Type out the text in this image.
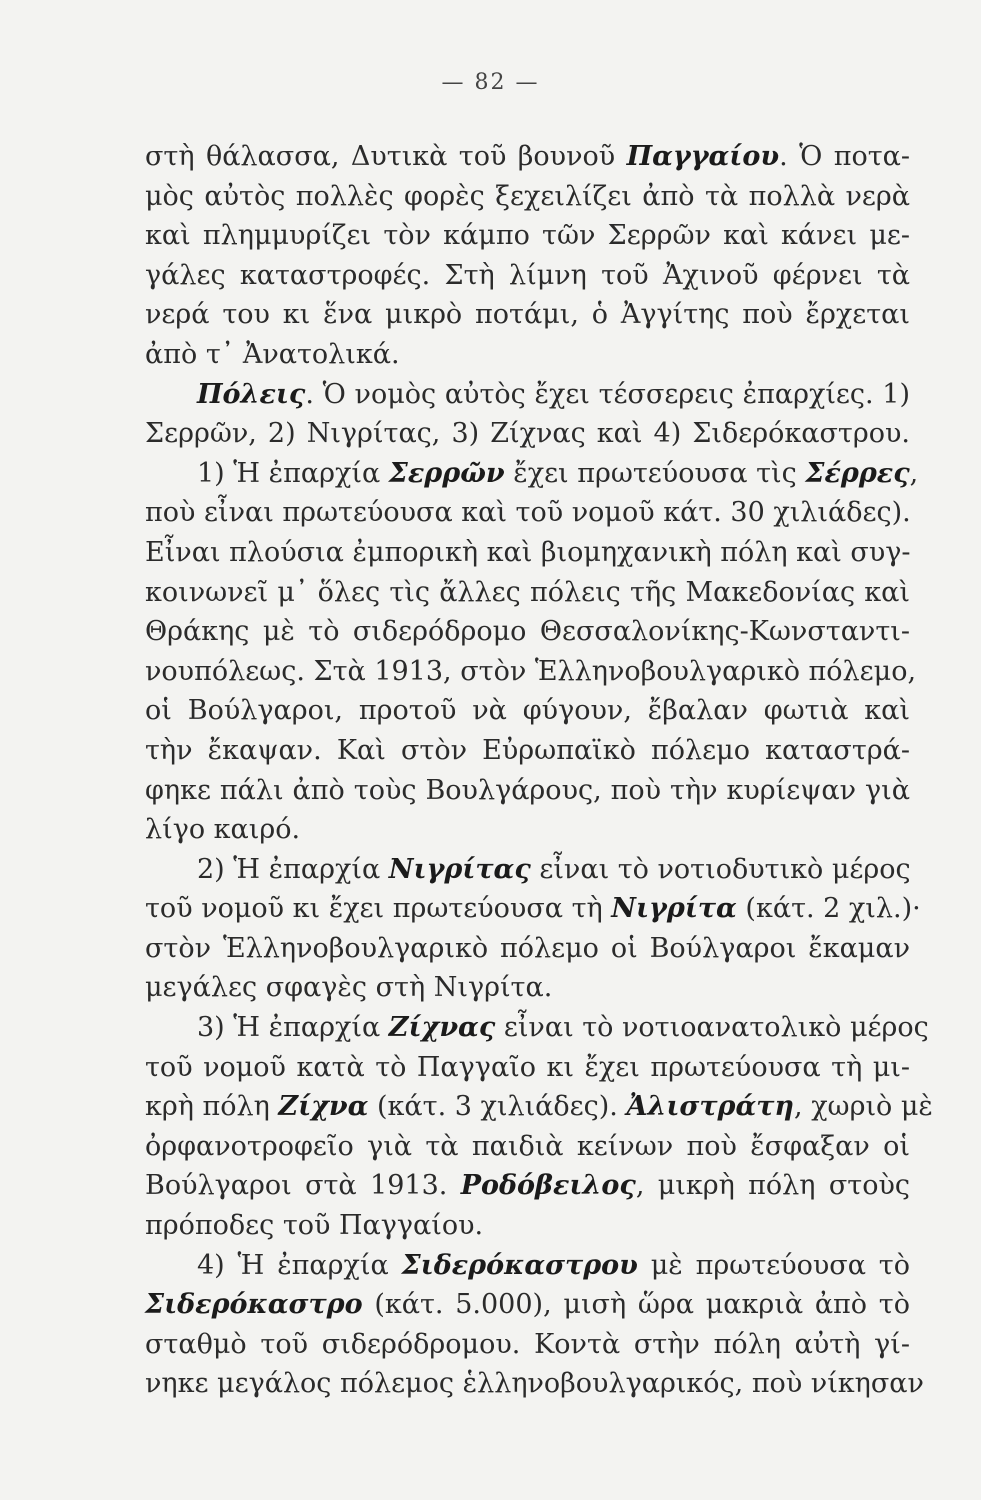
— 82 —
στὴ θάλασσα, Δυτικὰ τοῦ βουνοῦ Παγγαίου. Ὁ ποτα-
μὸς αὐτὸς πολλὲς φορὲς ξεχειλίζει ἀπὸ τὰ πολλὰ νερὰ
καὶ πλημμυρίζει τὸν κάμπο τῶν Σερρῶν καὶ κάνει με-
γάλες καταστροφές. Στὴ λίμνη τοῦ Ἀχινοῦ φέρνει τὰ
νερά του κι ἕνα μικρὸ ποτάμι, ὁ Ἀγγίτης ποὺ ἔρχεται
ἀπὸ τ᾿ Ἀνατολικά.
Πόλεις. Ὁ νομὸς αὐτὸς ἔχει τέσσερεις ἐπαρχίες. 1)
Σερρῶν, 2) Νιγρίτας, 3) Ζίχνας καὶ 4) Σιδερόκαστρου.
1) Ἡ ἐπαρχία Σερρῶν ἔχει πρωτεύουσα τὶς Σέρρες,
ποὺ εἶναι πρωτεύουσα καὶ τοῦ νομοῦ κάτ. 30 χιλιάδες).
Εἶναι πλούσια ἐμπορικὴ καὶ βιομηχανικὴ πόλη καὶ συγ-
κοινωνεῖ μ᾿ ὅλες τὶς ἄλλες πόλεις τῆς Μακεδονίας καὶ
Θράκης μὲ τὸ σιδερόδρομο Θεσσαλονίκης-Κωνσταντι-
νουπόλεως. Στὰ 1913, στὸν Ἑλληνοβουλγαρικὸ πόλεμο,
οἱ Βούλγαροι, προτοῦ νὰ φύγουν, ἔβαλαν φωτιὰ καὶ
τὴν ἔκαψαν. Καὶ στὸν Εὐρωπαϊκὸ πόλεμο καταστρά-
φηκε πάλι ἀπὸ τοὺς Βουλγάρους, ποὺ τὴν κυρίεψαν γιὰ
λίγο καιρό.
2) Ἡ ἐπαρχία Νιγρίτας εἶναι τὸ νοτιοδυτικὸ μέρος
τοῦ νομοῦ κι ἔχει πρωτεύουσα τὴ Νιγρίτα (κάτ. 2 χιλ.)·
στὸν Ἑλληνοβουλγαρικὸ πόλεμο οἱ Βούλγαροι ἔκαμαν
μεγάλες σφαγὲς στὴ Νιγρίτα.
3) Ἡ ἐπαρχία Ζίχνας εἶναι τὸ νοτιοανατολικὸ μέρος
τοῦ νομοῦ κατὰ τὸ Παγγαῖο κι ἔχει πρωτεύουσα τὴ μι-
κρὴ πόλη Ζίχνα (κάτ. 3 χιλιάδες). Ἀλιστράτη, χωριὸ μὲ
ὀρφανοτροφεῖο γιὰ τὰ παιδιὰ κείνων ποὺ ἔσφαξαν οἱ
Βούλγαροι στὰ 1913. Ροδόβειλος, μικρὴ πόλη στοὺς
πρόποδες τοῦ Παγγαίου.
4) Ἡ ἐπαρχία Σιδερόκαστρου μὲ πρωτεύουσα τὸ
Σιδερόκαστρο (κάτ. 5.000), μισὴ ὥρα μακριὰ ἀπὸ τὸ
σταθμὸ τοῦ σιδερόδρομου. Κοντὰ στὴν πόλη αὐτὴ γί-
νηκε μεγάλος πόλεμος ἑλληνοβουλγαρικός, ποὺ νίκησαν
